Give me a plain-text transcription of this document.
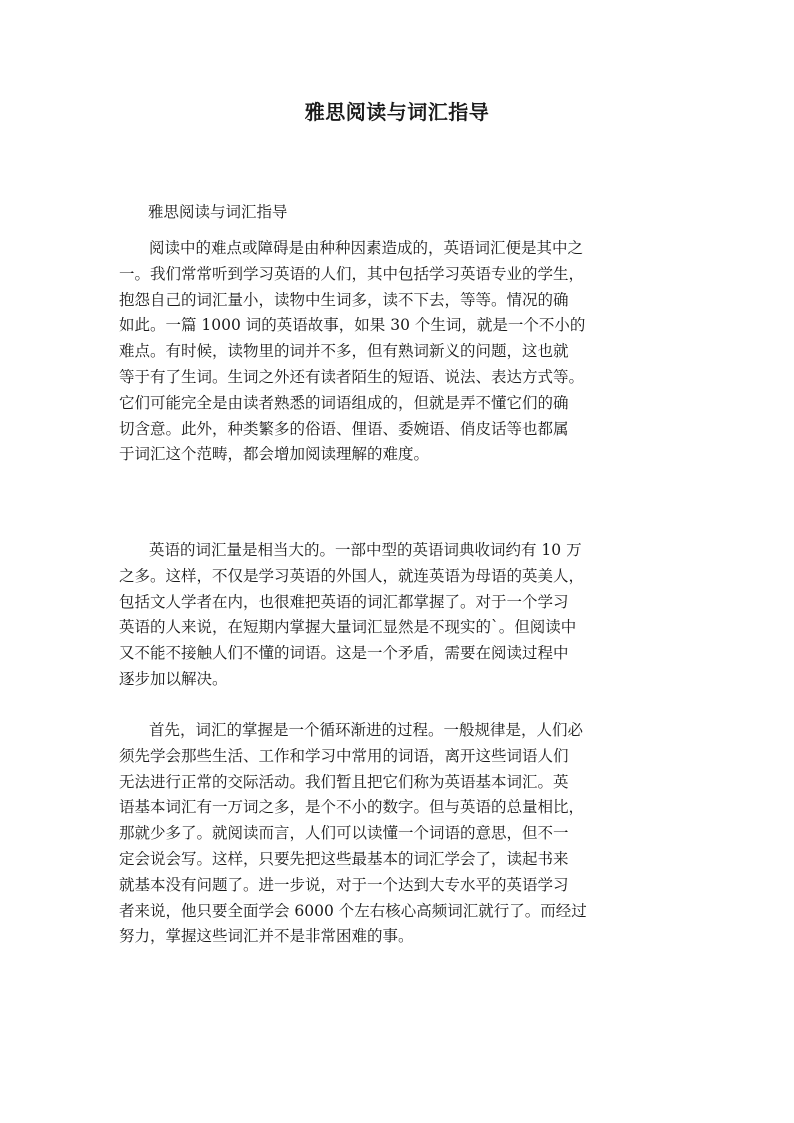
雅思阅读与词汇指导

雅思阅读与词汇指导

阅读中的难点或障碍是由种种因素造成的，英语词汇便是其中之
一。我们常常听到学习英语的人们，其中包括学习英语专业的学生，
抱怨自己的词汇量小，读物中生词多，读不下去，等等。情况的确
如此。一篇 1000 词的英语故事，如果 30 个生词，就是一个不小的
难点。有时候，读物里的词并不多，但有熟词新义的问题，这也就
等于有了生词。生词之外还有读者陌生的短语、说法、表达方式等。
它们可能完全是由读者熟悉的词语组成的，但就是弄不懂它们的确
切含意。此外，种类繁多的俗语、俚语、委婉语、俏皮话等也都属
于词汇这个范畴，都会增加阅读理解的难度。

英语的词汇量是相当大的。一部中型的英语词典收词约有 10 万
之多。这样，不仅是学习英语的外国人，就连英语为母语的英美人，
包括文人学者在内，也很难把英语的词汇都掌握了。对于一个学习
英语的人来说，在短期内掌握大量词汇显然是不现实的`。但阅读中
又不能不接触人们不懂的词语。这是一个矛盾，需要在阅读过程中
逐步加以解决。

首先，词汇的掌握是一个循环渐进的过程。一般规律是，人们必
须先学会那些生活、工作和学习中常用的词语，离开这些词语人们
无法进行正常的交际活动。我们暂且把它们称为英语基本词汇。英
语基本词汇有一万词之多，是个不小的数字。但与英语的总量相比，
那就少多了。就阅读而言，人们可以读懂一个词语的意思，但不一
定会说会写。这样，只要先把这些最基本的词汇学会了，读起书来
就基本没有问题了。进一步说，对于一个达到大专水平的英语学习
者来说，他只要全面学会 6000 个左右核心高频词汇就行了。而经过
努力，掌握这些词汇并不是非常困难的事。
